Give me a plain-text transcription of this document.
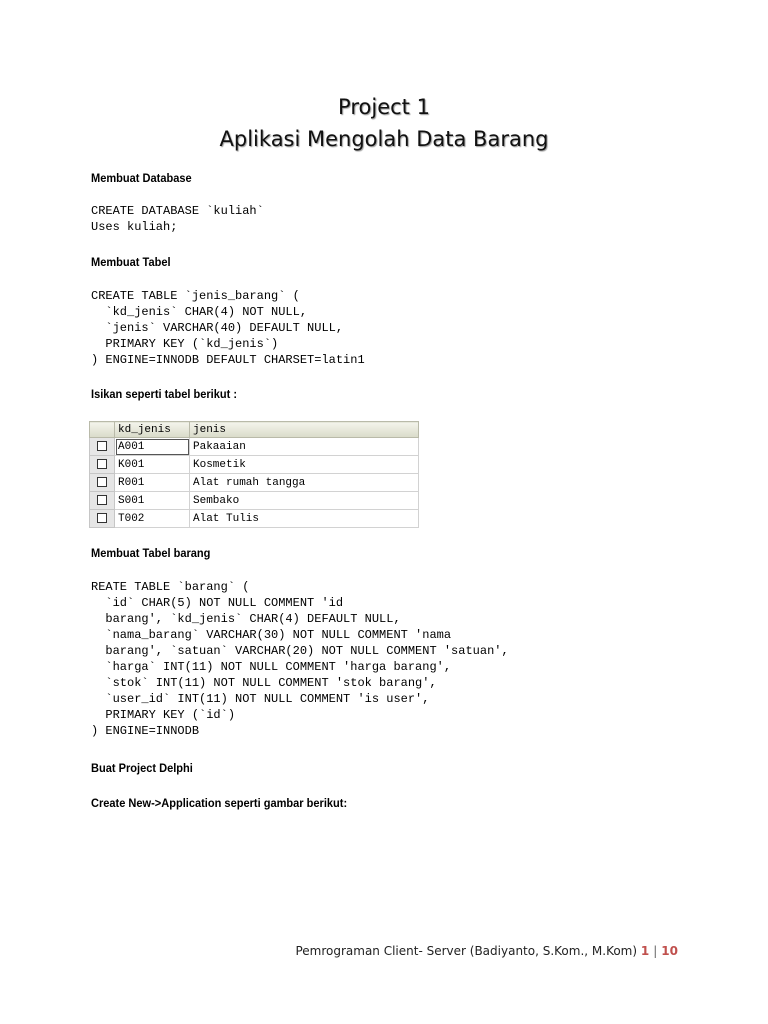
Project 1
Aplikasi Mengolah Data Barang
Membuat Database
CREATE DATABASE `kuliah`
Uses kuliah;
Membuat Tabel
CREATE TABLE `jenis_barang` (
`kd_jenis` CHAR(4) NOT NULL,
`jenis` VARCHAR(40) DEFAULT NULL,
PRIMARY KEY (`kd_jenis`)
) ENGINE=INNODB DEFAULT CHARSET=latin1
Isikan seperti tabel berikut :
	kd_jenis	jenis
	A001	Pakaaian
	K001	Kosmetik
	R001	Alat rumah tangga
	S001	Sembako
	T002	Alat Tulis
Membuat Tabel barang
REATE TABLE `barang` (
`id` CHAR(5) NOT NULL COMMENT 'id
barang', `kd_jenis` CHAR(4) DEFAULT NULL,
`nama_barang` VARCHAR(30) NOT NULL COMMENT 'nama
barang', `satuan` VARCHAR(20) NOT NULL COMMENT 'satuan',
`harga` INT(11) NOT NULL COMMENT 'harga barang',
`stok` INT(11) NOT NULL COMMENT 'stok barang',
`user_id` INT(11) NOT NULL COMMENT 'is user',
PRIMARY KEY (`id`)
) ENGINE=INNODB
Buat Project Delphi
Create New->Application seperti gambar berikut:
Pemrograman Client- Server (Badiyanto, S.Kom., M.Kom) 1 | 10
